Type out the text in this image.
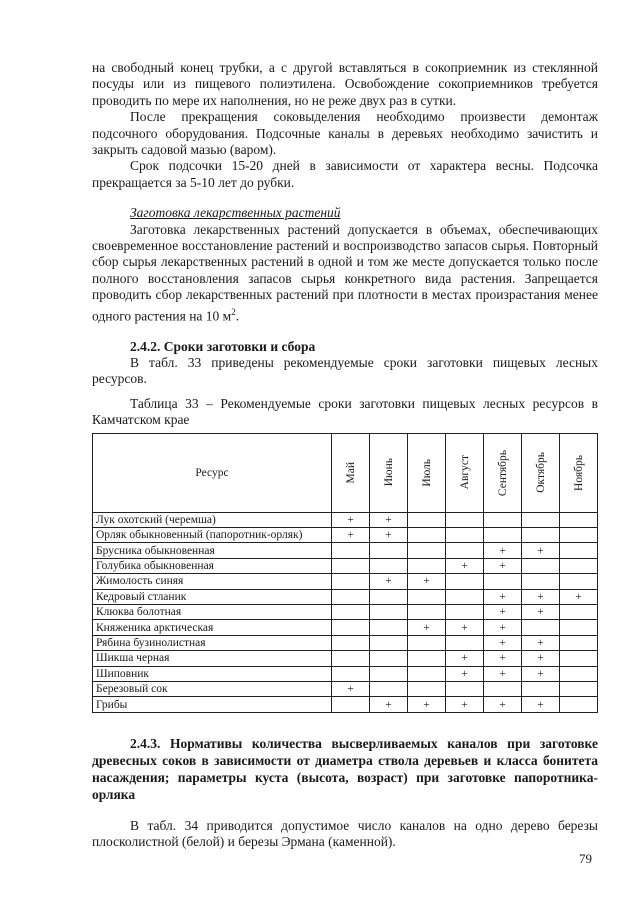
на свободный конец трубки, а с другой вставляться в сокоприемник из стеклянной посуды или из пищевого полиэтилена. Освобождение сокоприемников требуется проводить по мере их наполнения, но не реже двух раз в сутки.

После прекращения соковыделения необходимо произвести демонтаж подсочного оборудования. Подсочные каналы в деревьях необходимо зачистить и закрыть садовой мазью (варом).

Срок подсочки 15-20 дней в зависимости от характера весны. Подсочка прекращается за 5-10 лет до рубки.

Заготовка лекарственных растений

Заготовка лекарственных растений допускается в объемах, обеспечивающих своевременное восстановление растений и воспроизводство запасов сырья. Повторный сбор сырья лекарственных растений в одной и том же месте допускается только после полного восстановления запасов сырья конкретного вида растения. Запрещается проводить сбор лекарственных растений при плотности в местах произрастания менее одного растения на 10 $м^2$.

2.4.2. Сроки заготовки и сбора

В табл. 33 приведены рекомендуемые сроки заготовки пищевых лесных ресурсов.

Таблица 33 – Рекомендуемые сроки заготовки пищевых лесных ресурсов в Камчатском крае

Ресурс	Май	Июнь	Июль	Август	Сентябрь	Октябрь	Ноябрь

Лук охотский (черемша)	+	+					
Орляк обыкновенный (папоротник-орляк)	+	+					
Брусника обыкновенная					+	+	
Голубика обыкновенная				+	+		
Жимолость синяя		+	+				
Кедровый стланик					+	+	+
Клюква болотная					+	+	
Княженика арктическая			+	+	+		
Рябина бузинолистная					+	+	
Шикша черная				+	+	+	
Шиповник				+	+	+	
Березовый сок	+						
Грибы		+	+	+	+	+	

2.4.3. Нормативы количества высверливаемых каналов при заготовке древесных соков в зависимости от диаметра ствола деревьев и класса бонитета насаждения; параметры куста (высота, возраст) при заготовке папоротника-орляка

В табл. 34 приводится допустимое число каналов на одно дерево березы плосколистной (белой) и березы Эрмана (каменной).

79
